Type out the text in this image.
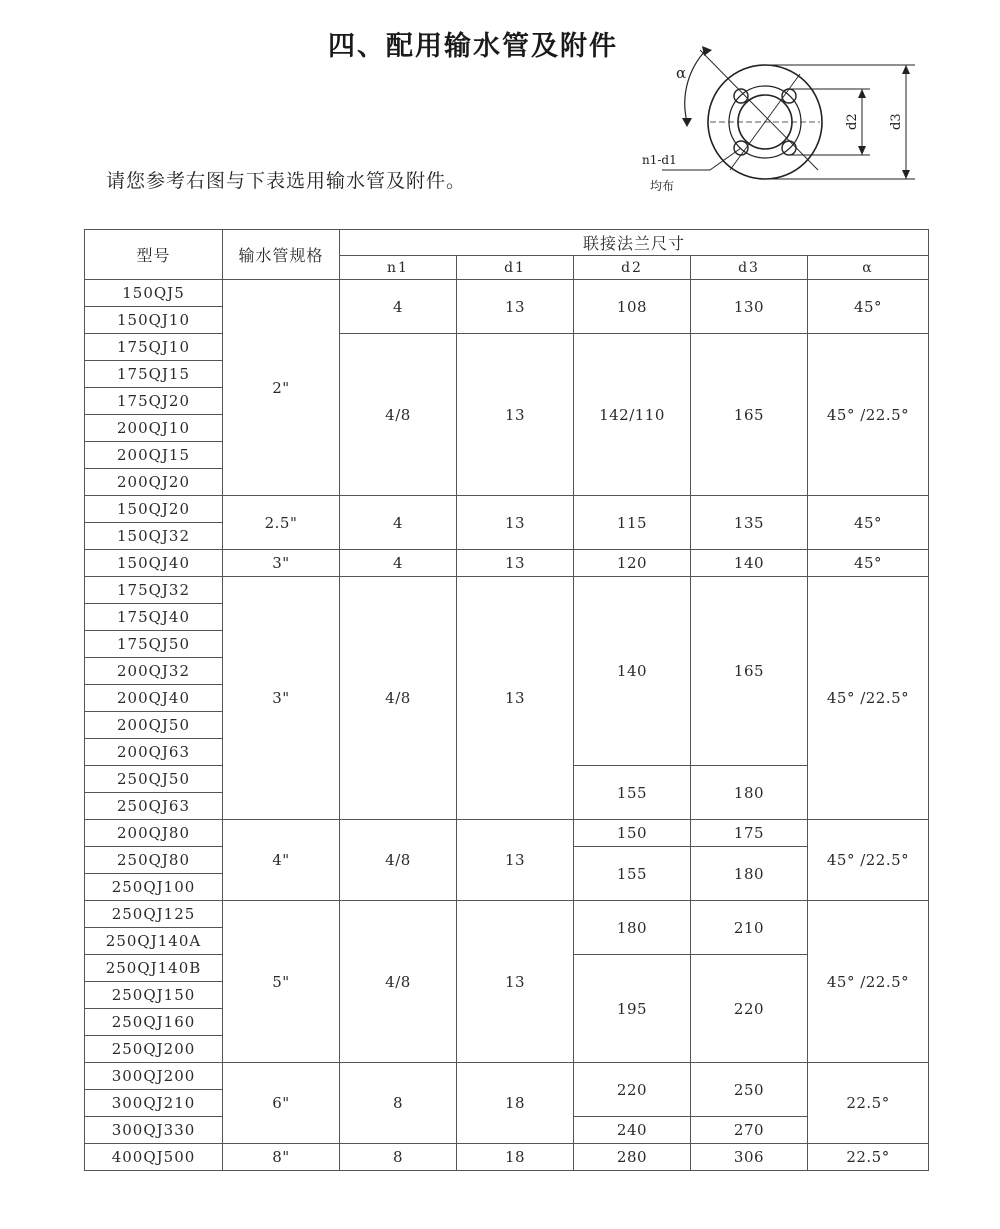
四、配用输水管及附件
α
d2 d3
n1-d1
均布
请您参考右图与下表选用输水管及附件。
型号	输水管规格	联接法兰尺寸				
		n1	d1	d2	d3	α
150QJ5	2"	4	13	108	130	45°
150QJ10						
175QJ10		4/8	13	142/110	165	45° /22.5°
175QJ15						
175QJ20						
200QJ10						
200QJ15						
200QJ20						
150QJ20	2.5"	4	13	115	135	45°
150QJ32						
150QJ40	3"	4	13	120	140	45°
175QJ32	3"	4/8	13	140	165	45° /22.5°
175QJ40						
175QJ50						
200QJ32						
200QJ40						
200QJ50						
200QJ63						
250QJ50				155	180	
250QJ63						
200QJ80	4"	4/8	13	150	175	45° /22.5°
250QJ80				155	180	
250QJ100						
250QJ125	5"	4/8	13	180	210	45° /22.5°
250QJ140A						
250QJ140B				195	220	
250QJ150						
250QJ160						
250QJ200						
300QJ200	6"	8	18	220	250	22.5°
300QJ210						
300QJ330				240	270	
400QJ500	8"	8	18	280	306	22.5°
